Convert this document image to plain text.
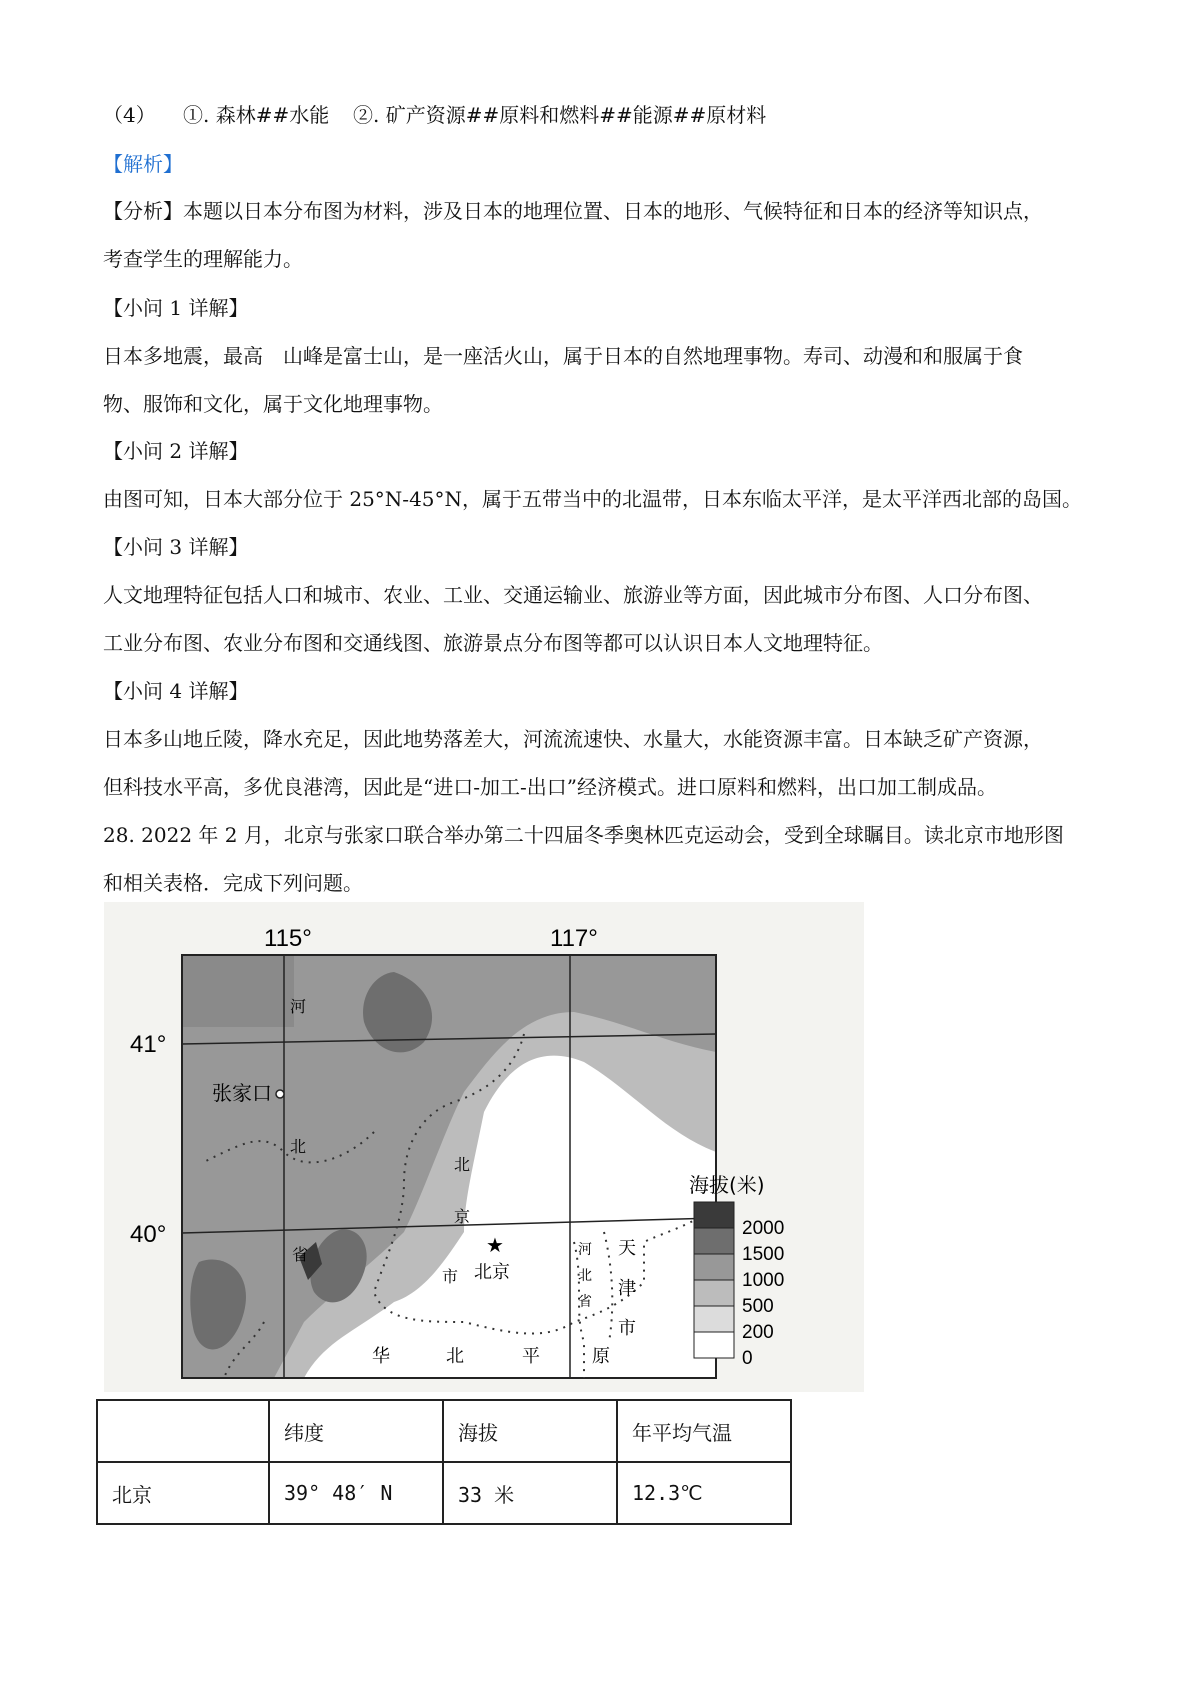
（4） ①. 森林##水能 ②. 矿产资源##原料和燃料##能源##原材料
【解析】
【分析】本题以日本分布图为材料，涉及日本的地理位置、日本的地形、气候特征和日本的经济等知识点，
考查学生的理解能力。
【小问 1 详解】
日本多地震，最高　山峰是富士山，是一座活火山，属于日本的自然地理事物。寿司、动漫和和服属于食
物、服饰和文化，属于文化地理事物。
【小问 2 详解】
由图可知，日本大部分位于 25°N-45°N，属于五带当中的北温带，日本东临太平洋，是太平洋西北部的岛国。
【小问 3 详解】
人文地理特征包括人口和城市、农业、工业、交通运输业、旅游业等方面，因此城市分布图、人口分布图、
工业分布图、农业分布图和交通线图、旅游景点分布图等都可以认识日本人文地理特征。
【小问 4 详解】
日本多山地丘陵，降水充足，因此地势落差大，河流流速快、水量大，水能资源丰富。日本缺乏矿产资源，
但科技水平高，多优良港湾，因此是“进口-加工-出口”经济模式。进口原料和燃料，出口加工制成品。
28. 2022 年 2 月，北京与张家口联合举办第二十四届冬季奥林匹克运动会，受到全球瞩目。读北京市地形图
和相关表格．完成下列问题。
115°	117°
41°
40°
张家口
河
北
省
北
京
市
★
北京
河
北
省
天
津
市
华	北	平	原
海拔(米)
2000
1500
1000
500
200
0
	纬度	海拔	年平均气温
北京	39° 48′ N	33 米	12.3℃
